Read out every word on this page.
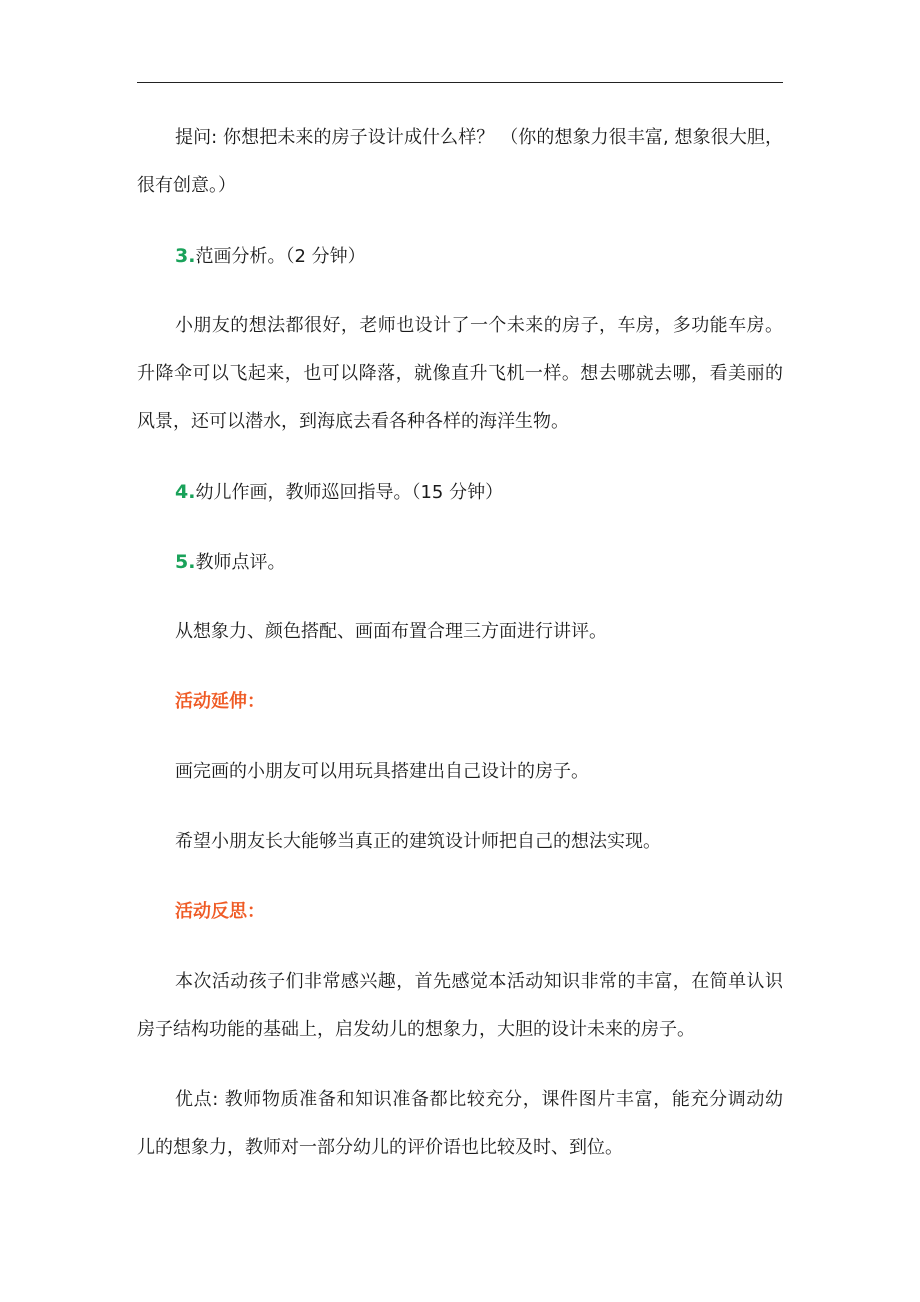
提问: 你想把未来的房子设计成什么样？ （你的想象力很丰富, 想象很大胆，
很有创意。）
3.范画分析。（2 分钟）
小朋友的想法都很好，老师也设计了一个未来的房子，车房，多功能车房。
升降伞可以飞起来，也可以降落，就像直升飞机一样。想去哪就去哪，看美丽的
风景，还可以潜水，到海底去看各种各样的海洋生物。
4.幼儿作画，教师巡回指导。（15 分钟）
5.教师点评。
从想象力、颜色搭配、画面布置合理三方面进行讲评。
活动延伸：
画完画的小朋友可以用玩具搭建出自己设计的房子。
希望小朋友长大能够当真正的建筑设计师把自己的想法实现。
活动反思：
本次活动孩子们非常感兴趣，首先感觉本活动知识非常的丰富，在简单认识
房子结构功能的基础上，启发幼儿的想象力，大胆的设计未来的房子。
优点: 教师物质准备和知识准备都比较充分，课件图片丰富，能充分调动幼
儿的想象力，教师对一部分幼儿的评价语也比较及时、到位。
